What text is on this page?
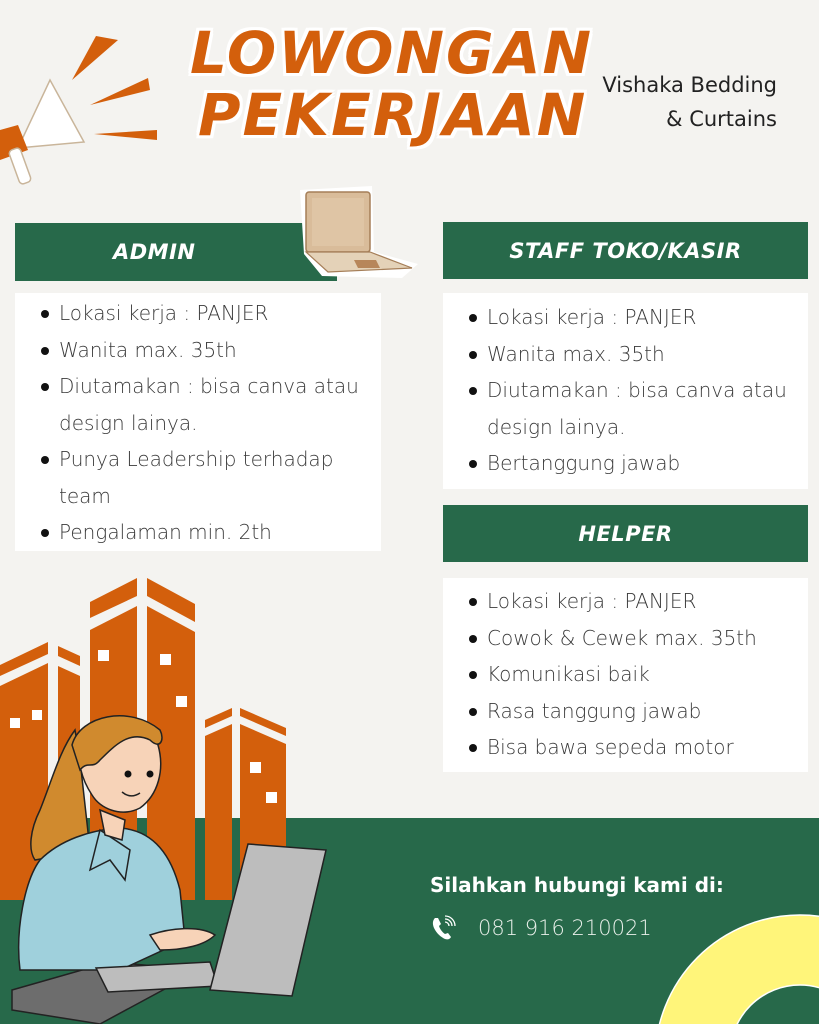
LOWONGAN
PEKERJAAN Vishaka Bedding
& Curtains
ADMIN
Lokasi kerja : PANJER
Wanita max. 35th
Diutamakan : bisa canva atau design lainya.
Punya Leadership terhadap team
Pengalaman min. 2th
STAFF TOKO/KASIR
Lokasi kerja : PANJER
Wanita max. 35th
Diutamakan : bisa canva atau design lainya.
Bertanggung jawab
HELPER
Lokasi kerja : PANJER
Cowok & Cewek max. 35th
Komunikasi baik
Rasa tanggung jawab
Bisa bawa sepeda motor
Silahkan hubungi kami di:
081 916 210021
